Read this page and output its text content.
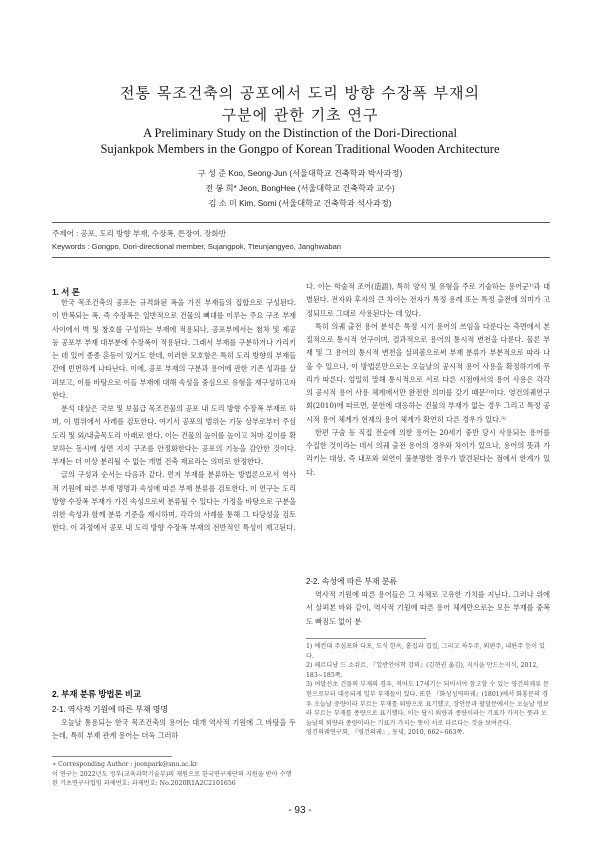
전통 목조건축의 공포에서 도리 방향 수장폭 부재의
구분에 관한 기초 연구
A Preliminary Study on the Distinction of the Dori-Directional
Sujankpok Members in the Gongpo of Korean Traditional Wooden Architecture
구 성 준 Koo, Seong-Jun (서울대학교 건축학과 박사과정)
전 봉 희* Jeon, BongHee (서울대학교 건축학과 교수)
김 소 미 Kim, Somi (서울대학교 건축학과 석사과정)
주제어 : 공포, 도리 방향 부재, 수장폭, 튼장여, 장화반
Keywords : Gongpo, Dori-directional member, Sujangpok, Tteunjangyeo, Janghwaban
1. 서 론

한국 목조건축의 공포는 규격화된 폭을 가진 부재들의 집합으로 구성된다. 이 반복되는 폭, 즉 수장폭은 일반적으로 건물의 뼈대를 이루는 주요 구조 부재 사이에서 벽 및 창호를 구성하는 부재에 적용되나, 공포부에서는 첨차 및 제공 등 공포부 부재 대부분에 수장폭이 적용된다. 그래서 부재를 구분하거나 가리키는 데 있어 종종 혼동이 있거도 한데, 이러한 모호함은 특히 도리 방향의 부재들 간에 빈번하게 나타난다. 이에, 공포 부재의 구분과 용어에 관한 기존 성과를 살펴보고, 이를 바탕으로 이들 부재에 대해 속성을 중심으로 유형을 재구성하고자 한다.

분석 대상은 국보 및 보물급 목조건물의 공포 내 도리 방향 수장폭 부재로 하며, 이 범위에서 사례를 검토한다. 여기서 공포의 범위는 기둥 상부로부터 주심도리 및 외/내출목도리 아래로 한다. 이는 건물의 높이를 높이고 처마 깊이를 확보하는 동시에 상면 지지 구조를 안정화한다는 공포의 기능을 감안한 것이다. 부재는 더 이상 분리될 수 없는 개별 건축 재료라는 의미로 한정한다.

글의 구성과 순서는 다음과 같다. 먼저 부재를 분류하는 방법론으로서 역사적 기원에 따른 부재 명명과 속성에 따른 부재 분류를 검토한다. 이 연구는 도리 방향 수장폭 부재가 가진 속성으로써 분류될 수 있다는 가정을 바탕으로 구분을 위한 속성과 함께 분류 기준을 제시하며, 각각의 사례를 통해 그 타당성을 검토한다. 이 과정에서 공포 내 도리 방향 수장폭 부재의 전반적인 특성이 재고된다.

2. 부재 분류 방법론 비교
2-1. 역사적 기원에 따른 부재 명명

오늘날 통용되는 한국 목조건축의 용어는 대개 역사적 기원에 그 바탕을 두는데, 특히 부재 관계 용어는 더욱 그러하

∗ Corresponding Author : jeonpark@snu.ac.kr

이 연구는 2022년도 정부(교육과학기술부)의 재원으로 한국연구재단의 지원을 받아 수행된 기초연구사업임 과제번호: 과제번호: No.2020R1A2C2101656

다. 이는 학술적 조어(造語), 특히 양식 및 유형을 주로 기술하는 용어군¹⁾과 대별된다. 전자와 후자의 큰 차이는 전자가 특정 용례 또는 특정 출전에 의미가 고정되므로 그대로 사용된다는 데 있다.

특히 의궤 출전 용어 분석은 특정 시기 용어의 쓰임을 다룬다는 측면에서 본질적으로 통시적 연구이며, 결과적으로 용어의 통시적 변천을 다룬다. 물론 부재 및 그 용어의 통시적 변천을 살펴봄으로써 부재 분류가 부분적으로 따라 나올 수 있으나, 이 방법론만으로는 오늘날의 공시적 용어 사용을 확정하기에 무리가 따른다. 엄밀히 말해 통시적으로 서로 다른 시점에서의 용어 사용은 각각의 공시적 용어 사용 체계에서만 완전한 의미를 갖기 때문²⁾이다. 영건의궤연구회(2010)에 따르면, 문헌에 대응하는 건물의 부재가 없는 경우 그리고 특정 공시적 용어 체계가 현재의 용어 체계가 확연히 다른 경우가 있다.³⁾

한편 구술 등 직접 전승에 의한 용어는 20세기 중반 당시 사용되는 용어를 수집한 것이라는 데서 의궤 출전 용어의 경우와 차이가 있으나, 용어의 뜻과 가리키는 대상, 즉 내포와 외연이 불분명한 경우가 발견된다는 점에서 한계가 있다.

2-2. 속성에 따른 부재 분류

역사적 기원에 따른 용어들은 그 자체로 고유한 가치를 지닌다. 그러나 위에서 살펴본 바와 같이, 역사적 기원에 따른 용어 체계만으로는 모든 부재를 중복도 빠짐도 없이 분

1) 예컨대 주심포와 다포, 도식 한옥, 홑집과 겹집, 그리고 차두주, 외편주, 내편주 등이 있다.

2) 페르디낭 드 소쉬르, 『일반언어학 강의』(김현권 옮김), 지식을 만드는지식, 2012, 183~185쪽.

3) 여말선초 건물의 부재의 경우, 적어도 17세기는 되어서야 참고할 수 있는 영건의궤류 문헌으로부터 대응되게 일부 부재들이 있다. 또한 『화성성역의궤』(1801)에서 화홍문의 경우 오늘날 중량이라 부르는 부재를 퇴량으로 표기했고, 장안문과 팔달문에서는 오늘날 멍보라 부르는 부재를 종량으로 표기했다. 이는 당시 퇴량과 종량이라는 기표가 가지는 뜻과 오늘날의 퇴량과 종량이라는 기표가 가지는 뜻이 서로 다르다는 것을 보여준다.

영건의궤연구회, 『영건의궤』, 동녘, 2010, 662~663쪽.

- 93 -
